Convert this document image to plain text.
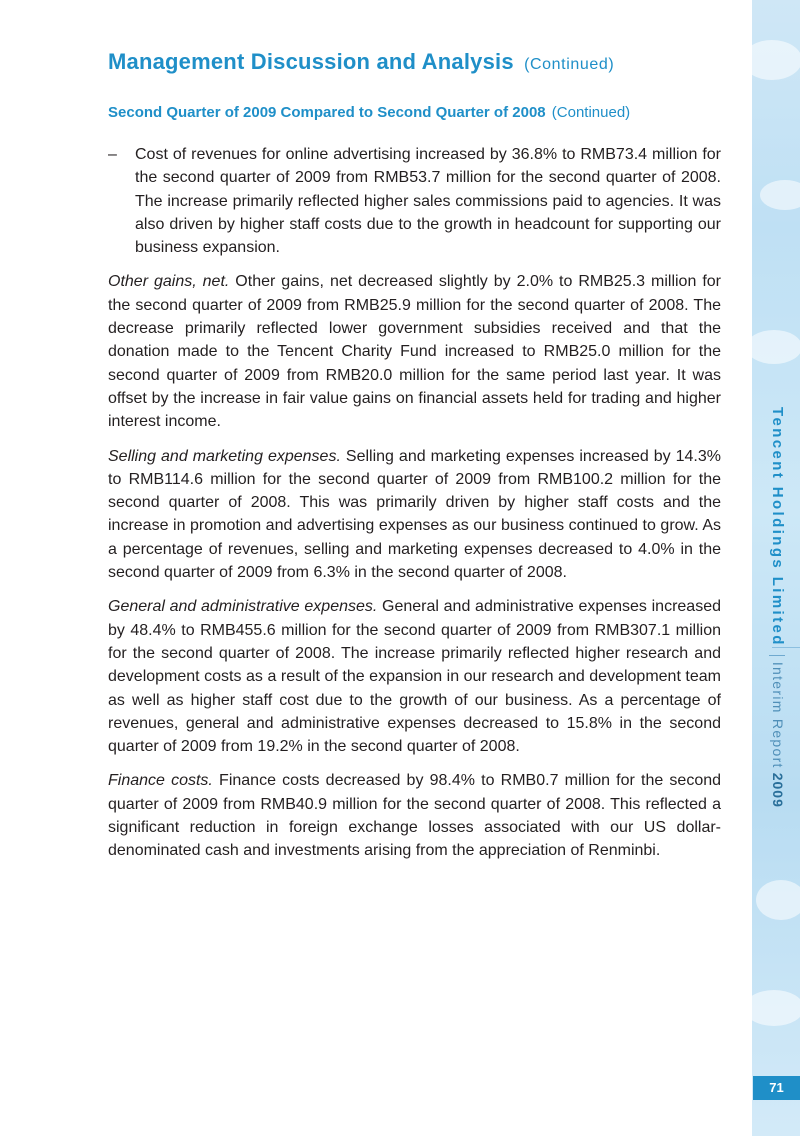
Management Discussion and Analysis (Continued)
Second Quarter of 2009 Compared to Second Quarter of 2008 (Continued)
– Cost of revenues for online advertising increased by 36.8% to RMB73.4 million for the second quarter of 2009 from RMB53.7 million for the second quarter of 2008. The increase primarily reflected higher sales commissions paid to agencies. It was also driven by higher staff costs due to the growth in headcount for supporting our business expansion.

Other gains, net. Other gains, net decreased slightly by 2.0% to RMB25.3 million for the second quarter of 2009 from RMB25.9 million for the second quarter of 2008. The decrease primarily reflected lower government subsidies received and that the donation made to the Tencent Charity Fund increased to RMB25.0 million for the second quarter of 2009 from RMB20.0 million for the same period last year. It was offset by the increase in fair value gains on financial assets held for trading and higher interest income.

Selling and marketing expenses. Selling and marketing expenses increased by 14.3% to RMB114.6 million for the second quarter of 2009 from RMB100.2 million for the second quarter of 2008. This was primarily driven by higher staff costs and the increase in promotion and advertising expenses as our business continued to grow. As a percentage of revenues, selling and marketing expenses decreased to 4.0% in the second quarter of 2009 from 6.3% in the second quarter of 2008.

General and administrative expenses. General and administrative expenses increased by 48.4% to RMB455.6 million for the second quarter of 2009 from RMB307.1 million for the second quarter of 2008. The increase primarily reflected higher research and development costs as a result of the expansion in our research and development team as well as higher staff cost due to the growth of our business. As a percentage of revenues, general and administrative expenses decreased to 15.8% in the second quarter of 2009 from 19.2% in the second quarter of 2008.

Finance costs. Finance costs decreased by 98.4% to RMB0.7 million for the second quarter of 2009 from RMB40.9 million for the second quarter of 2008. This reflected a significant reduction in foreign exchange losses associated with our US dollar-denominated cash and investments arising from the appreciation of Renminbi.

Tencent Holdings LimitedInterim Report2009
71
